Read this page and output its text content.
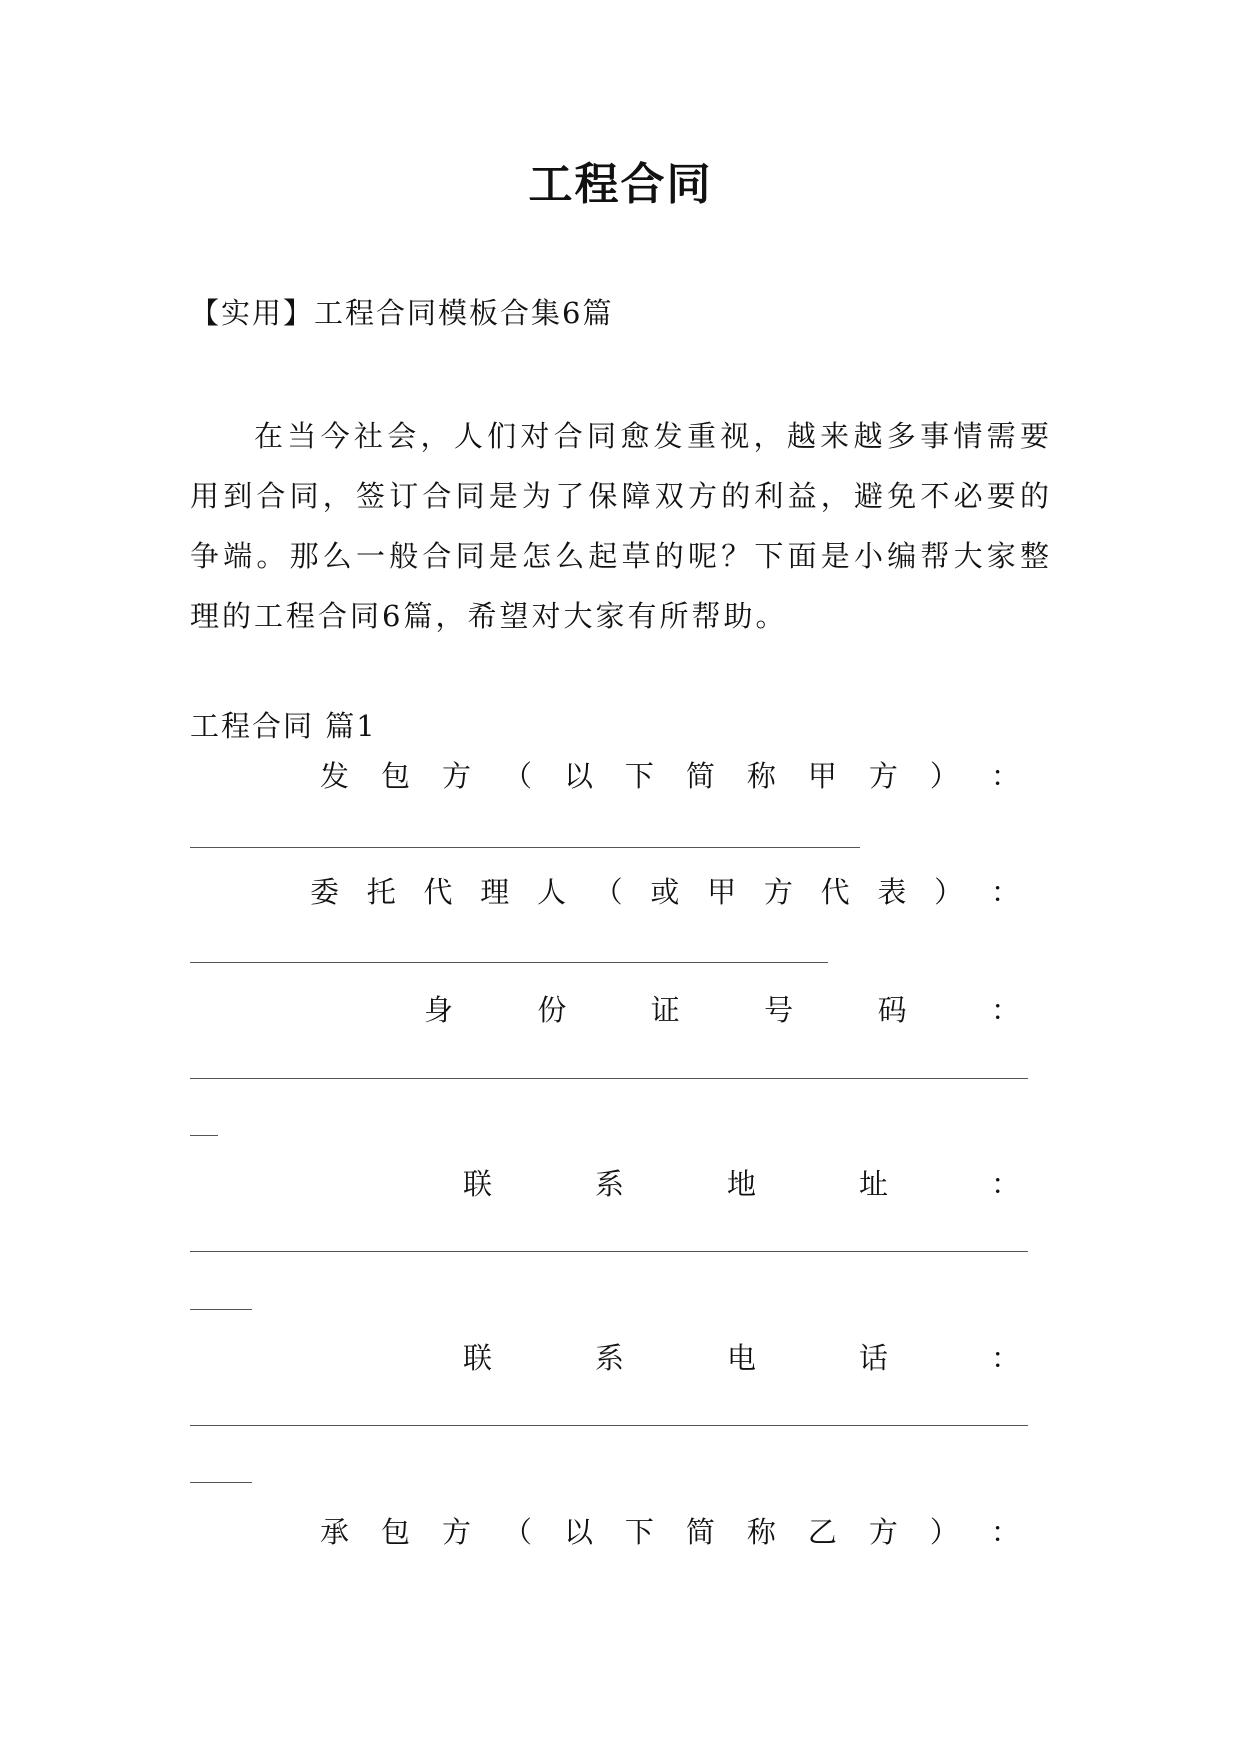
工程合同
【实用】工程合同模板合集6篇
在当今社会，人们对合同愈发重视，越来越多事情需要用到合同，签订合同是为了保障双方的利益，避免不必要的争端。那么一般合同是怎么起草的呢？下面是小编帮大家整理的工程合同6篇，希望对大家有所帮助。
工程合同 篇1
发 包 方 （ 以 下 简 称 甲 方 ） ：
委 托 代 理 人 （ 或 甲 方 代 表 ） ：
身	份	证	号	码	：
联	系	地	址	：
联	系	电	话	：
承 包 方 （ 以 下 简 称 乙 方 ） ：
